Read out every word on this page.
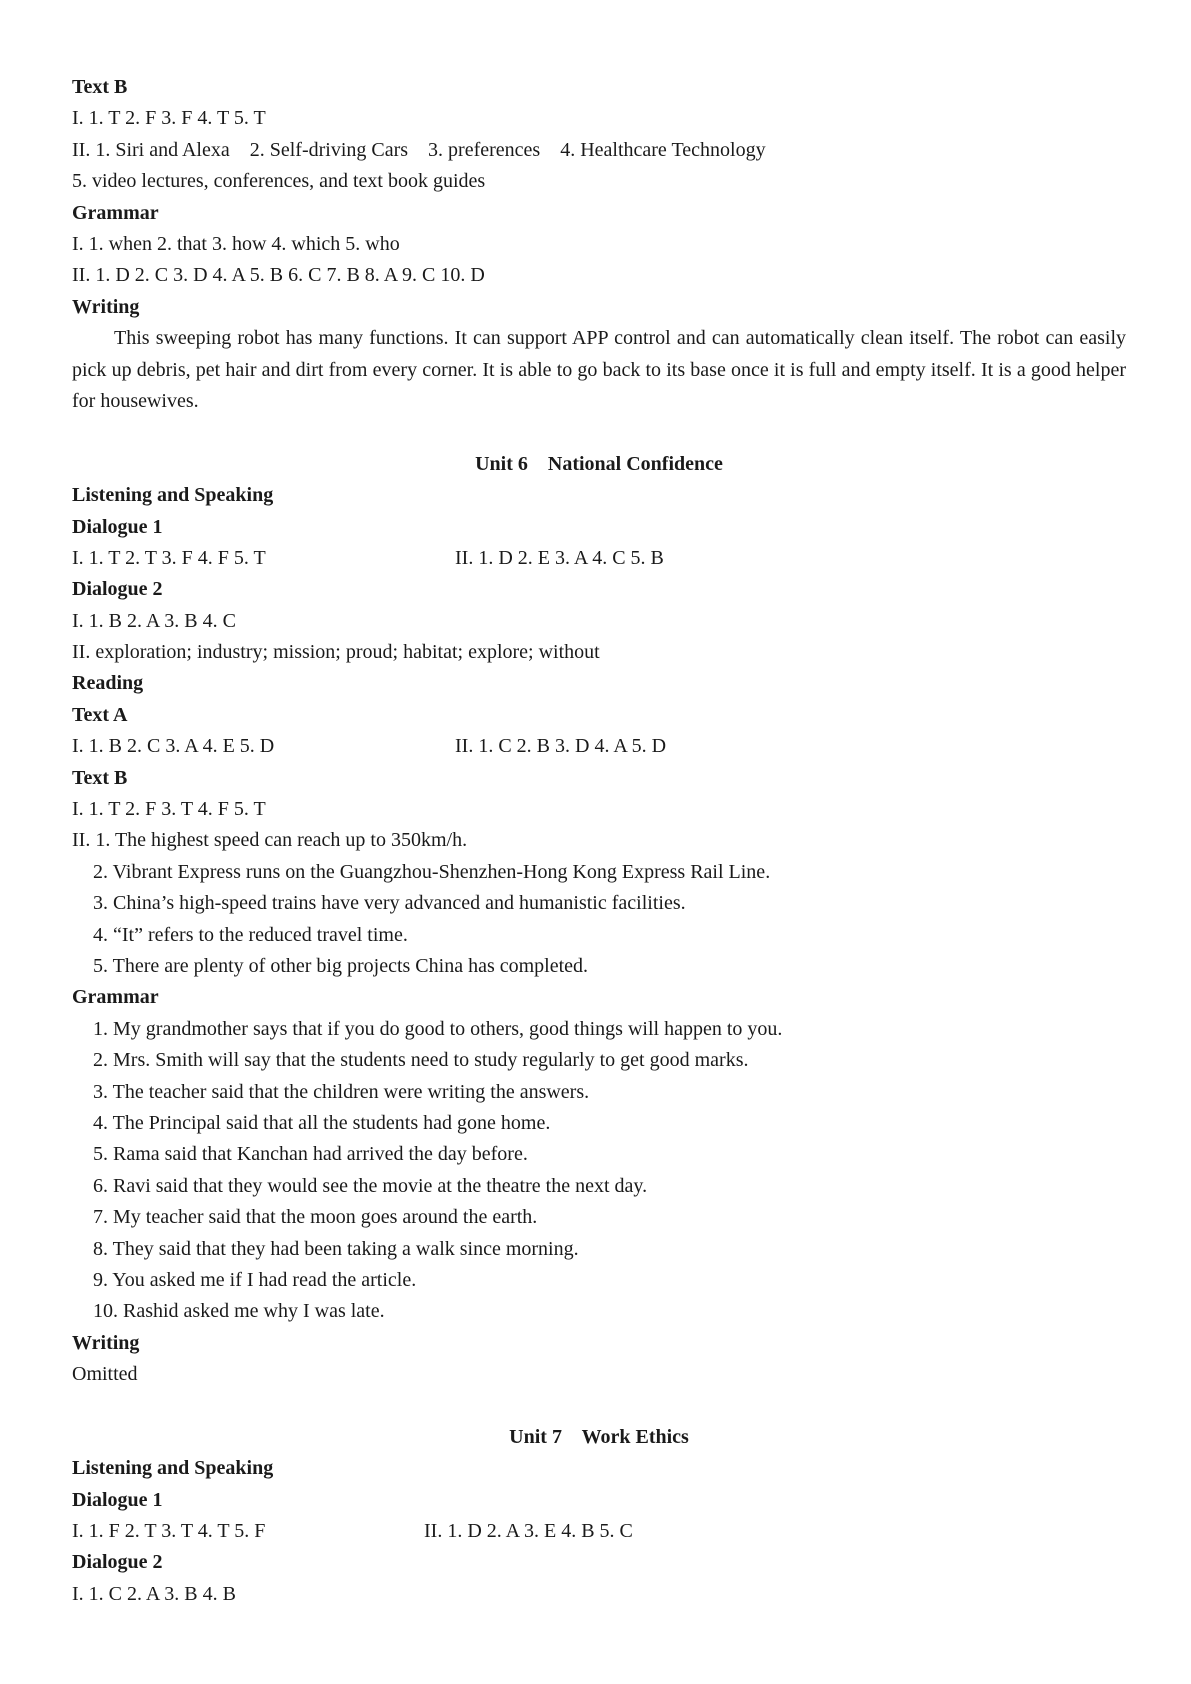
Text B
I. 1. T 2. F 3. F 4. T 5. T
II. 1. Siri and Alexa    2. Self-driving Cars    3. preferences    4. Healthcare Technology
5. video lectures, conferences, and text book guides
Grammar
I. 1. when 2. that 3. how 4. which 5. who
II. 1. D 2. C 3. D 4. A 5. B 6. C 7. B 8. A 9. C 10. D
Writing

This sweeping robot has many functions. It can support APP control and can automatically clean itself. The robot can easily pick up debris, pet hair and dirt from every corner. It is able to go back to its base once it is full and empty itself. It is a good helper for housewives.

Unit 6    National Confidence
Listening and Speaking
Dialogue 1
I. 1. T 2. T 3. F 4. F 5. T	II. 1. D 2. E 3. A 4. C 5. B
Dialogue 2
I. 1. B 2. A 3. B 4. C
II. exploration; industry; mission; proud; habitat; explore; without
Reading
Text A
I. 1. B 2. C 3. A 4. E 5. D	II. 1. C 2. B 3. D 4. A 5. D
Text B
I. 1. T 2. F 3. T 4. F 5. T
II. 1. The highest speed can reach up to 350km/h.
2. Vibrant Express runs on the Guangzhou-Shenzhen-Hong Kong Express Rail Line.
3. China’s high-speed trains have very advanced and humanistic facilities.
4. “It” refers to the reduced travel time.
5. There are plenty of other big projects China has completed.
Grammar
1. My grandmother says that if you do good to others, good things will happen to you.
2. Mrs. Smith will say that the students need to study regularly to get good marks.
3. The teacher said that the children were writing the answers.
4. The Principal said that all the students had gone home.
5. Rama said that Kanchan had arrived the day before.
6. Ravi said that they would see the movie at the theatre the next day.
7. My teacher said that the moon goes around the earth.
8. They said that they had been taking a walk since morning.
9. You asked me if I had read the article.
10. Rashid asked me why I was late.
Writing
Omitted
Unit 7    Work Ethics
Listening and Speaking
Dialogue 1
I. 1. F 2. T 3. T 4. T 5. F	II. 1. D 2. A 3. E 4. B 5. C
Dialogue 2
I. 1. C 2. A 3. B 4. B
